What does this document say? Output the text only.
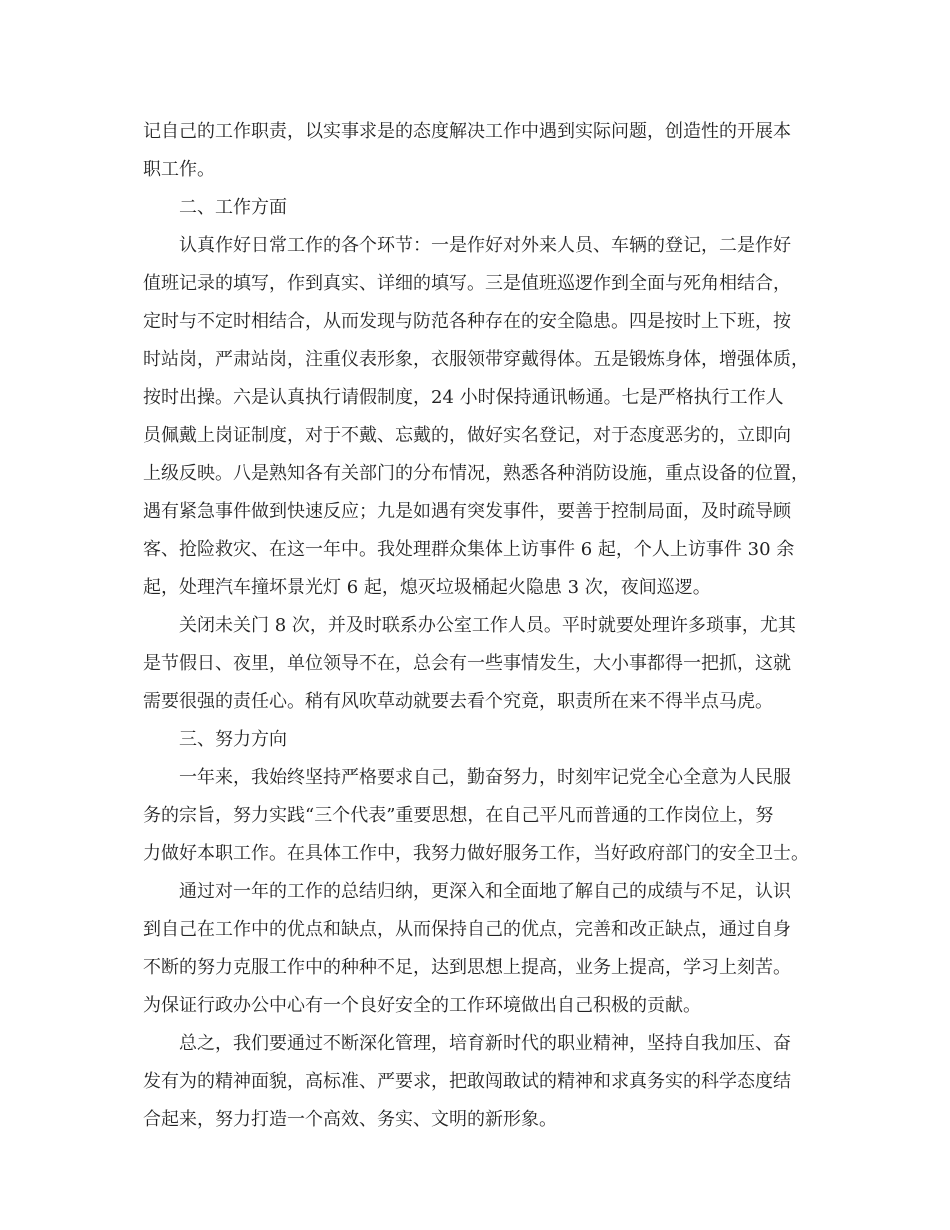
记自己的工作职责，以实事求是的态度解决工作中遇到实际问题，创造性的开展本
职工作。
二、工作方面
认真作好日常工作的各个环节：一是作好对外来人员、车辆的登记，二是作好
值班记录的填写，作到真实、详细的填写。三是值班巡逻作到全面与死角相结合，
定时与不定时相结合，从而发现与防范各种存在的安全隐患。四是按时上下班，按
时站岗，严肃站岗，注重仪表形象，衣服领带穿戴得体。五是锻炼身体，增强体质，
按时出操。六是认真执行请假制度，24 小时保持通讯畅通。七是严格执行工作人
员佩戴上岗证制度，对于不戴、忘戴的，做好实名登记，对于态度恶劣的，立即向
上级反映。八是熟知各有关部门的分布情况，熟悉各种消防设施，重点设备的位置，
遇有紧急事件做到快速反应；九是如遇有突发事件，要善于控制局面，及时疏导顾
客、抢险救灾、在这一年中。我处理群众集体上访事件 6 起，个人上访事件 30 余
起，处理汽车撞坏景光灯 6 起，熄灭垃圾桶起火隐患 3 次，夜间巡逻。
关闭未关门 8 次，并及时联系办公室工作人员。平时就要处理许多琐事，尤其
是节假日、夜里，单位领导不在，总会有一些事情发生，大小事都得一把抓，这就
需要很强的责任心。稍有风吹草动就要去看个究竟，职责所在来不得半点马虎。
三、努力方向
一年来，我始终坚持严格要求自己，勤奋努力，时刻牢记党全心全意为人民服
务的宗旨，努力实践“三个代表”重要思想，在自己平凡而普通的工作岗位上，努
力做好本职工作。在具体工作中，我努力做好服务工作，当好政府部门的安全卫士。
通过对一年的工作的总结归纳，更深入和全面地了解自己的成绩与不足，认识
到自己在工作中的优点和缺点，从而保持自己的优点，完善和改正缺点，通过自身
不断的努力克服工作中的种种不足，达到思想上提高，业务上提高，学习上刻苦。
为保证行政办公中心有一个良好安全的工作环境做出自己积极的贡献。
总之，我们要通过不断深化管理，培育新时代的职业精神，坚持自我加压、奋
发有为的精神面貌，高标准、严要求，把敢闯敢试的精神和求真务实的科学态度结
合起来，努力打造一个高效、务实、文明的新形象。
